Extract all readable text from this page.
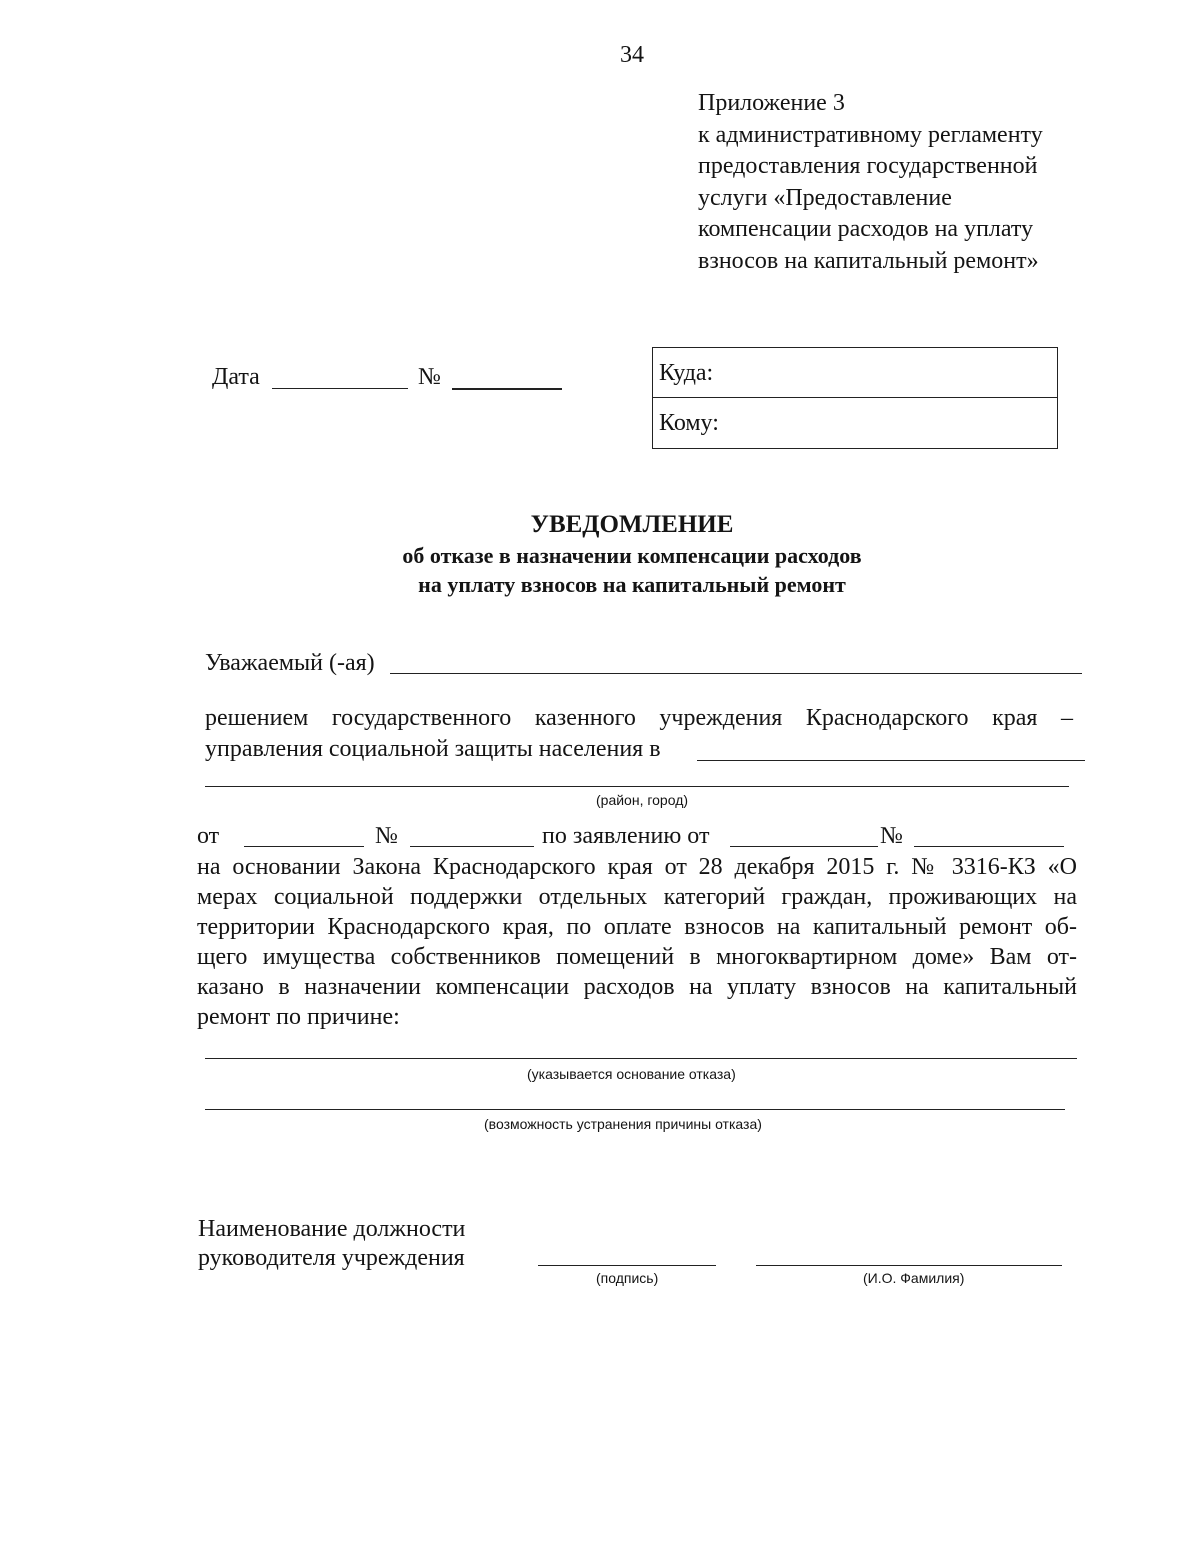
34
Приложение 3
к административному регламенту
предоставления государственной
услуги «Предоставление
компенсации расходов на уплату
взносов на капитальный ремонт»
Дата	№	Куда:
Кому:
УВЕДОМЛЕНИЕ
об отказе в назначении компенсации расходов
на уплату взносов на капитальный ремонт
Уважаемый (-ая)
решением государственного казенного учреждения Краснодарского края –
управления социальной защиты населения в
(район, город)
от	№	по заявлению от	№
на основании Закона Краснодарского края от 28 декабря 2015 г. № 3316-КЗ «О
мерах социальной поддержки отдельных категорий граждан, проживающих на
территории Краснодарского края, по оплате взносов на капитальный ремонт об-
щего имущества собственников помещений в многоквартирном доме» Вам от-
казано в назначении компенсации расходов на уплату взносов на капитальный
ремонт по причине:
(указывается основание отказа)
(возможность устранения причины отказа)
Наименование должности
руководителя учреждения
(подпись)	(И.О. Фамилия)
